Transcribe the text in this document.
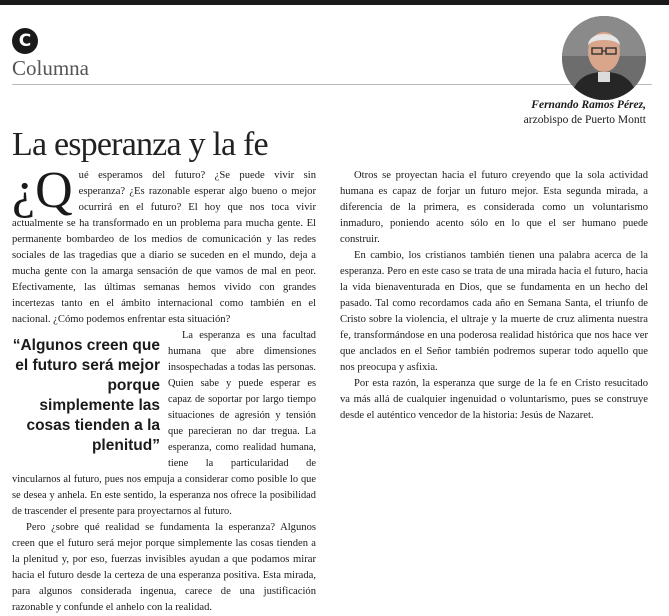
C
Columna
Fernando Ramos Pérez,
arzobispo de Puerto Montt
La esperanza y la fe

¿Q ué esperamos del futuro? ¿Se puede vivir sin esperanza? ¿Es razonable esperar algo bueno o mejor ocurrirá en el futuro? El hoy que nos toca vivir actualmente se ha transformado en un problema para mucha gente. El permanente bombardeo de los medios de comunicación y las redes sociales de las tragedias que a diario se suceden en el mundo, deja a mucha gente con la amarga sensación de que vamos de mal en peor. Efectivamente, las últimas semanas hemos vivido con grandes incertezas tanto en el ámbito internacional como también en el nacional. ¿Cómo podemos enfrentar esta situación?

“Algunos creen que el futuro será mejor porque simplemente las cosas tienden a la plenitud”

La esperanza es una facultad humana que abre dimensiones insospechadas a todas las personas. Quien sabe y puede esperar es capaz de soportar por largo tiempo situaciones de agresión y tensión que parecieran no dar tregua. La esperanza, como realidad humana, tiene la particularidad de vincularnos al futuro, pues nos empuja a considerar como posible lo que se desea y anhela. En este sentido, la esperanza nos ofrece la posibilidad de trascender el presente para proyectarnos al futuro.

Pero ¿sobre qué realidad se fundamenta la esperanza? Algunos creen que el futuro será mejor porque simplemente las cosas tienden a la plenitud y, por eso, fuerzas invisibles ayudan a que podamos mirar hacia el futuro desde la certeza de una esperanza positiva. Esta mirada, para algunos considerada ingenua, carece de una justificación razonable y confunde el anhelo con la realidad.

Otros se proyectan hacia el futuro creyendo que la sola actividad humana es capaz de forjar un futuro mejor. Esta segunda mirada, a diferencia de la primera, es considerada como un voluntarismo inmaduro, poniendo acento sólo en lo que el ser humano puede construir.

En cambio, los cristianos también tienen una palabra acerca de la esperanza. Pero en este caso se trata de una mirada hacia el futuro, hacia la vida bienaventurada en Dios, que se fundamenta en un hecho del pasado. Tal como recordamos cada año en Semana Santa, el triunfo de Cristo sobre la violencia, el ultraje y la muerte de cruz alimenta nuestra fe, transformándose en una poderosa realidad histórica que nos hace ver que anclados en el Señor también podremos superar todo aquello que nos preocupa y asfixia.

Por esta razón, la esperanza que surge de la fe en Cristo resucitado va más allá de cualquier ingenuidad o voluntarismo, pues se construye desde el auténtico vencedor de la historia: Jesús de Nazaret.
